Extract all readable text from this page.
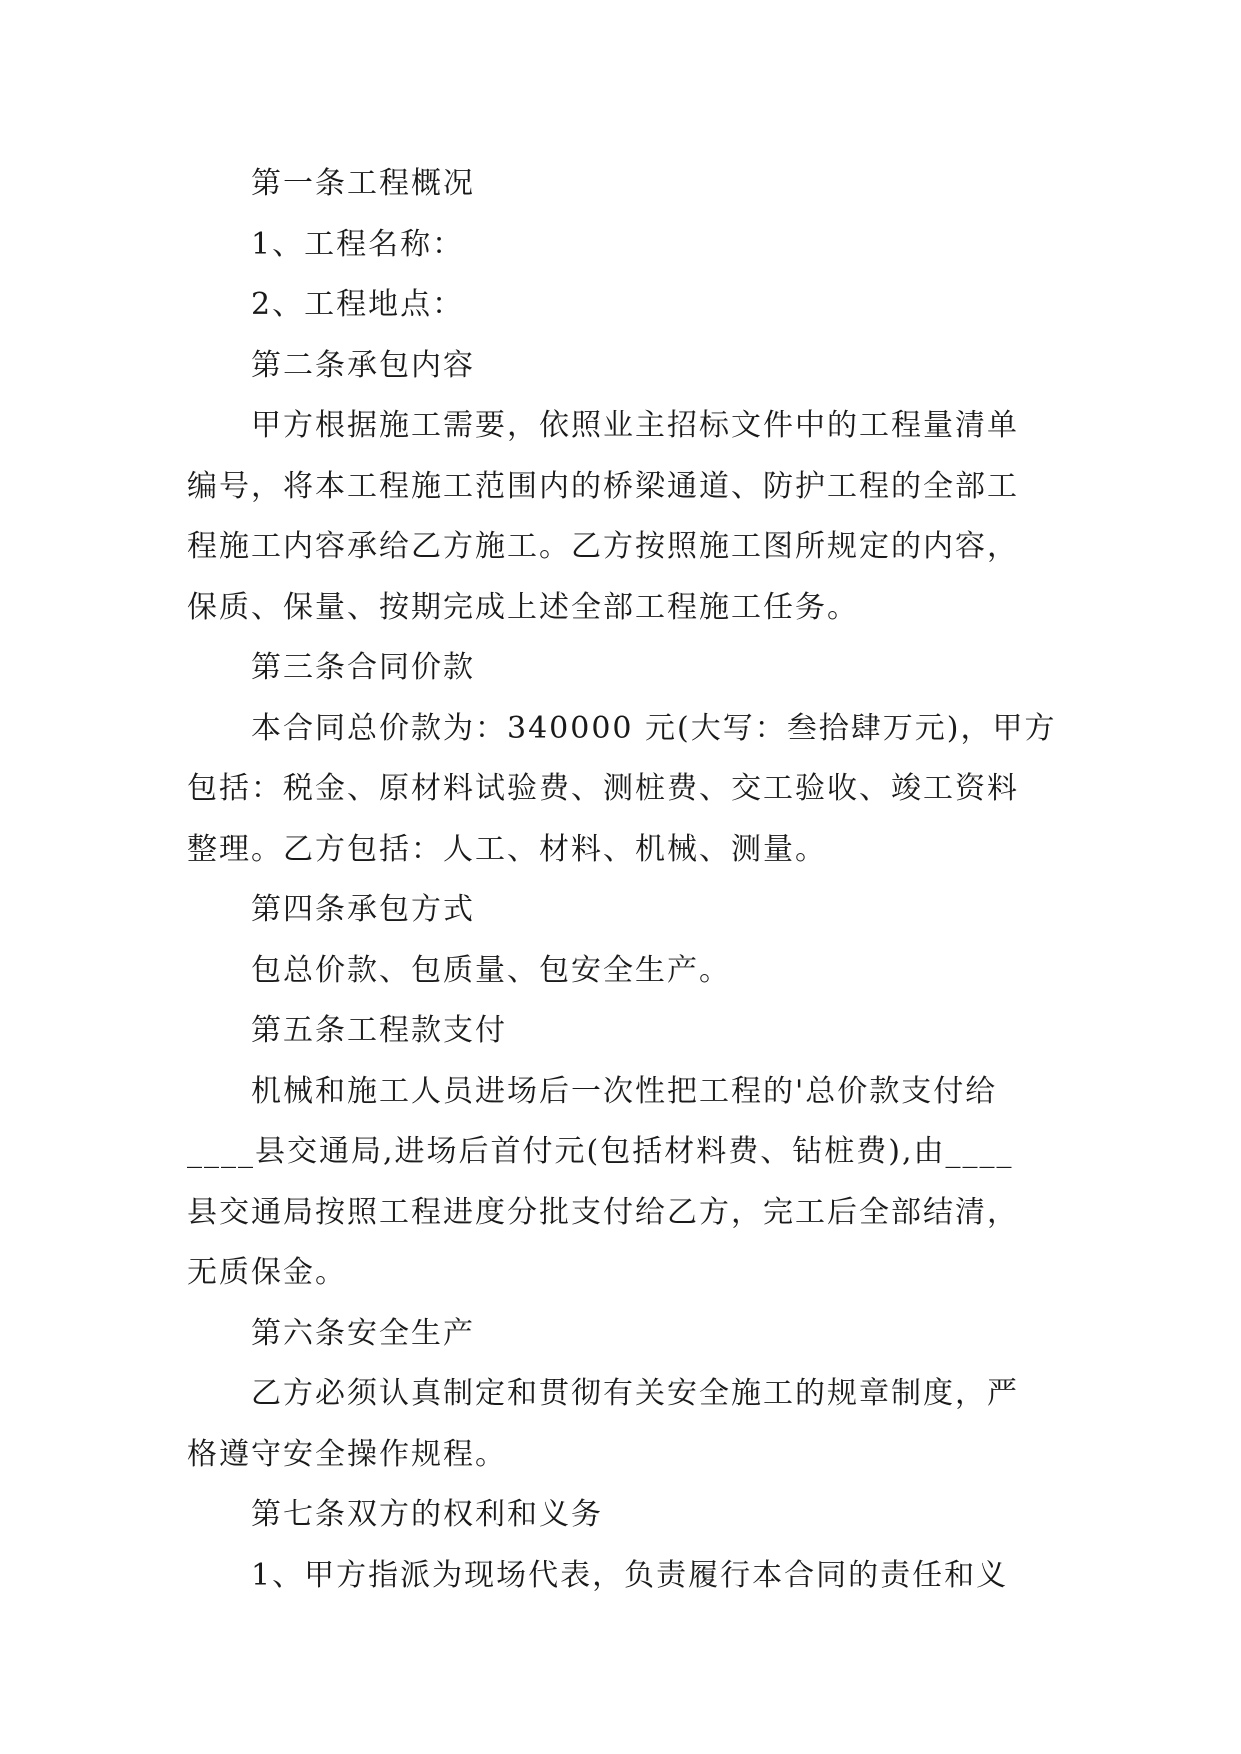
第一条工程概况
1、工程名称：
2、工程地点：
第二条承包内容
甲方根据施工需要，依照业主招标文件中的工程量清单
编号，将本工程施工范围内的桥梁通道、防护工程的全部工
程施工内容承给乙方施工。乙方按照施工图所规定的内容，
保质、保量、按期完成上述全部工程施工任务。
第三条合同价款
本合同总价款为：340000 元(大写：叁拾肆万元)，甲方
包括：税金、原材料试验费、测桩费、交工验收、竣工资料
整理。乙方包括：人工、材料、机械、测量。
第四条承包方式
包总价款、包质量、包安全生产。
第五条工程款支付
机械和施工人员进场后一次性把工程的'总价款支付给
____县交通局,进场后首付元(包括材料费、钻桩费),由____
县交通局按照工程进度分批支付给乙方，完工后全部结清，
无质保金。
第六条安全生产
乙方必须认真制定和贯彻有关安全施工的规章制度，严
格遵守安全操作规程。
第七条双方的权利和义务
1、甲方指派为现场代表，负责履行本合同的责任和义
